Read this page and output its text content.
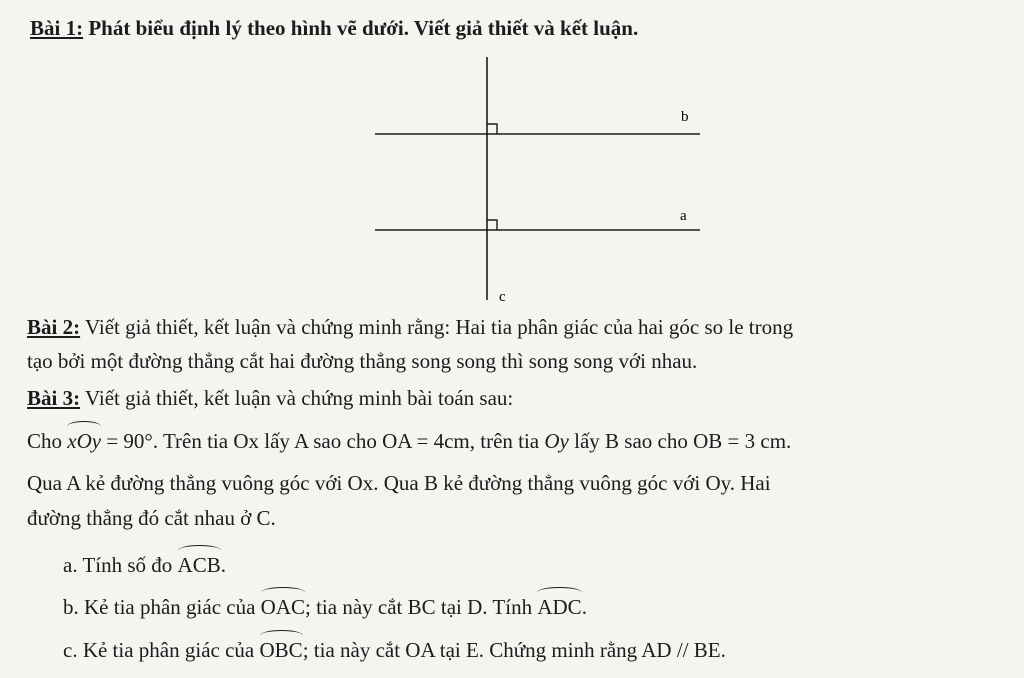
Bài 1: Phát biểu định lý theo hình vẽ dưới. Viết giả thiết và kết luận.
b
a
c
Bài 2: Viết giả thiết, kết luận và chứng minh rằng: Hai tia phân giác của hai góc so le trong
tạo bởi một đường thẳng cắt hai đường thẳng song song thì song song với nhau.
Bài 3: Viết giả thiết, kết luận và chứng minh bài toán sau:
Cho xOy = 90°. Trên tia Ox lấy A sao cho OA = 4cm, trên tia Oy lấy B sao cho OB = 3 cm.
Qua A kẻ đường thẳng vuông góc với Ox. Qua B kẻ đường thẳng vuông góc với Oy. Hai
đường thẳng đó cắt nhau ở C.
a. Tính số đo ACB.
b. Kẻ tia phân giác của OAC; tia này cắt BC tại D. Tính ADC.
c. Kẻ tia phân giác của OBC; tia này cắt OA tại E. Chứng minh rằng AD // BE.
